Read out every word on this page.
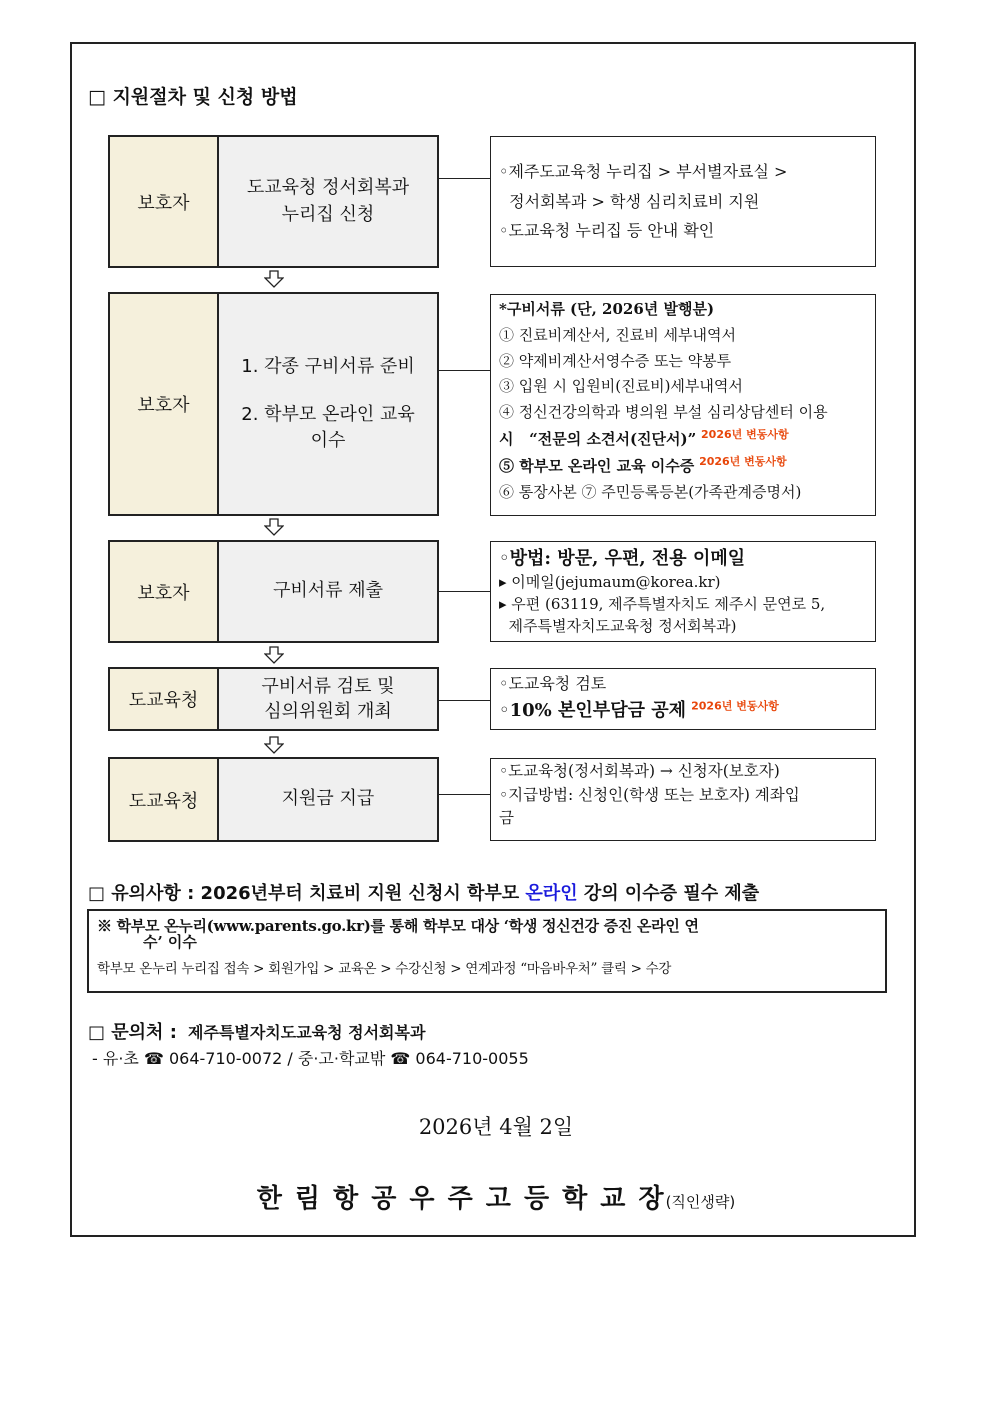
□ 지원절차 및 신청 방법
보호자
도교육청 정서회복과
누리집 신청
◦제주도교육청 누리집 > 부서별자료실 >
정서회복과 > 학생 심리치료비 지원
◦도교육청 누리집 등 안내 확인
보호자
1. 각종 구비서류 준비
2. 학부모 온라인 교육
이수
*구비서류 (단, 2026년 발행분)
① 진료비계산서, 진료비 세부내역서
② 약제비계산서영수증 또는 약봉투
③ 입원 시 입원비(진료비)세부내역서
④ 정신건강의학과 병의원 부설 심리상담센터 이용
시   “전문의 소견서(진단서)” $^{2026년 변동사항}$
⑤ 학부모 온라인 교육 이수증 $^{2026년 변동사항}$
⑥ 통장사본 ⑦ 주민등록등본(가족관계증명서)
보호자	구비서류 제출
◦방법: 방문, 우편, 전용 이메일
▸ 이메일(jejumaum@korea.kr)
▸ 우편 (63119, 제주특별자치도 제주시 문연로 5,
제주특별자치도교육청 정서회복과)
도교육청
구비서류 검토 및
심의위원회 개최
◦도교육청 검토
◦10% 본인부담금 공제 $^{2026년 변동사항}$
도교육청	지원금 지급
◦도교육청(정서회복과) → 신청자(보호자)
◦지급방법: 신청인(학생 또는 보호자) 계좌입
금
□ 유의사항 : 2026년부터 치료비 지원 신청시 학부모 온라인 강의 이수증 필수 제출
※ 학부모 온누리(www.parents.go.kr)를 통해 학부모 대상 ‘학생 정신건강 증진 온라인 연
수’ 이수
학부모 온누리 누리집 접속 > 회원가입 > 교육온 > 수강신청 > 연계과정 “마음바우처” 클릭 > 수강
□ 문의처 : 제주특별자치도교육청 정서회복과
- 유·초 ☎ 064-710-0072 / 중·고·학교밖 ☎ 064-710-0055
2026년 4월 2일
한 림 항 공 우 주 고 등 학 교 장(직인생략)
